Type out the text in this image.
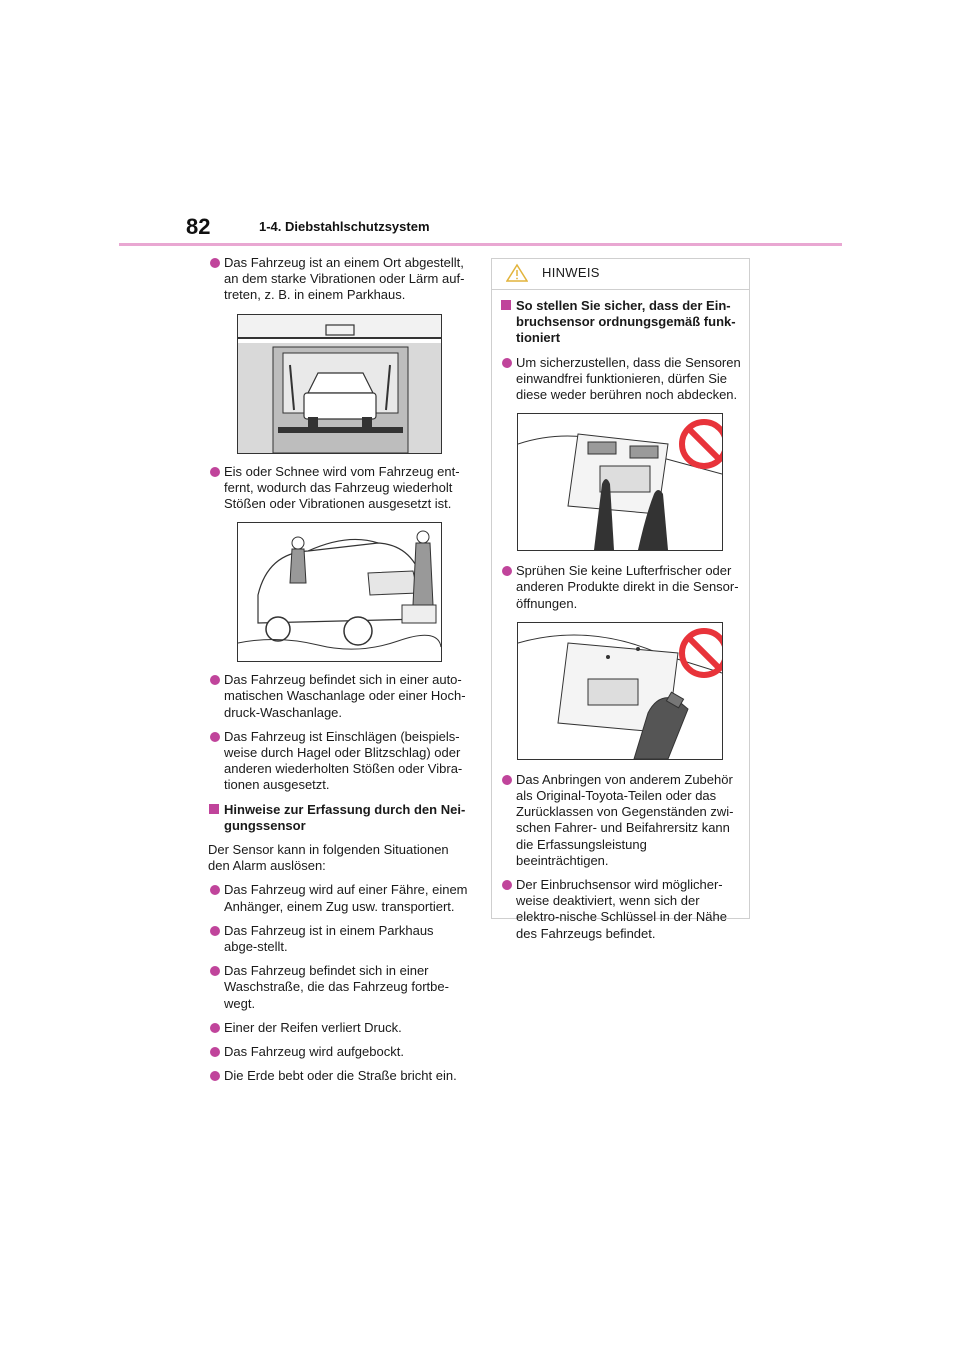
82	1-4. Diebstahlschutzsystem
Das Fahrzeug ist an einem Ort abgestellt, an dem starke Vibrationen oder Lärm auf-treten, z. B. in einem Parkhaus.
Eis oder Schnee wird vom Fahrzeug ent-fernt, wodurch das Fahrzeug wiederholt Stößen oder Vibrationen ausgesetzt ist.
Das Fahrzeug befindet sich in einer auto-matischen Waschanlage oder einer Hoch-druck-Waschanlage.
Das Fahrzeug ist Einschlägen (beispiels-weise durch Hagel oder Blitzschlag) oder anderen wiederholten Stößen oder Vibra-tionen ausgesetzt.
Hinweise zur Erfassung durch den Nei-gungssensor
Der Sensor kann in folgenden Situationen den Alarm auslösen:
Das Fahrzeug wird auf einer Fähre, einem Anhänger, einem Zug usw. transportiert.
Das Fahrzeug ist in einem Parkhaus abge-stellt.
Das Fahrzeug befindet sich in einer Waschstraße, die das Fahrzeug fortbe-wegt.
Einer der Reifen verliert Druck.
Das Fahrzeug wird aufgebockt.
Die Erde bebt oder die Straße bricht ein.
HINWEIS
So stellen Sie sicher, dass der Ein-bruchsensor ordnungsgemäß funk-tioniert
Um sicherzustellen, dass die Sensoren einwandfrei funktionieren, dürfen Sie diese weder berühren noch abdecken.
Sprühen Sie keine Lufterfrischer oder anderen Produkte direkt in die Sensor-öffnungen.
Das Anbringen von anderem Zubehör als Original-Toyota-Teilen oder das Zurücklassen von Gegenständen zwi-schen Fahrer- und Beifahrersitz kann die Erfassungsleistung beeinträchtigen.
Der Einbruchsensor wird möglicher-weise deaktiviert, wenn sich der elektro-nische Schlüssel in der Nähe des Fahrzeugs befindet.
